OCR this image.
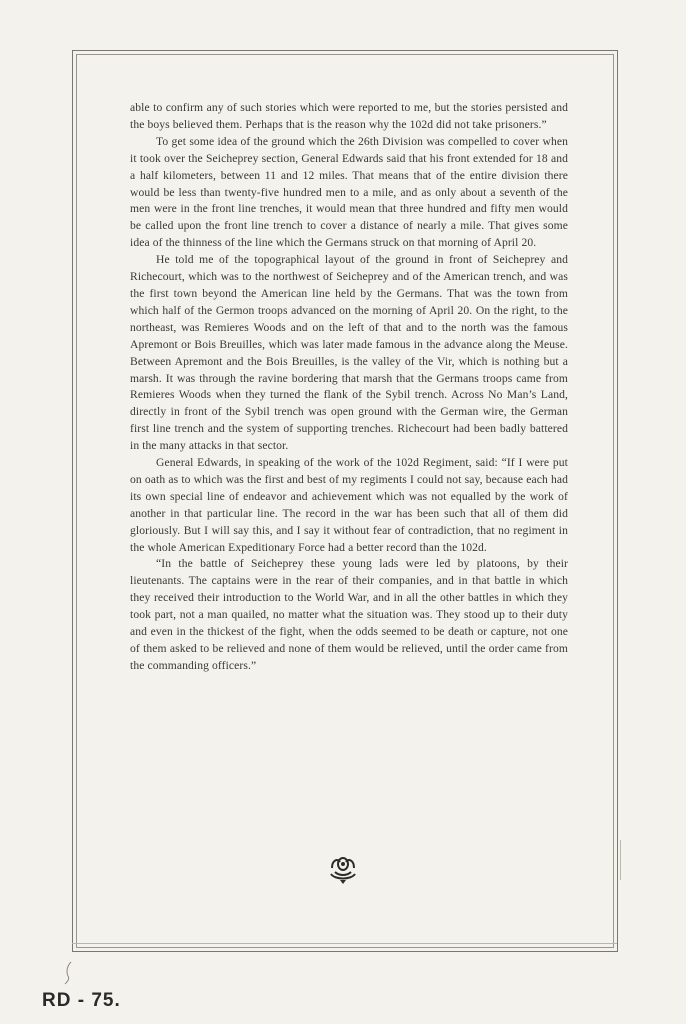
able to confirm any of such stories which were reported to me, but the stories persisted and the boys believed them. Perhaps that is the reason why the 102d did not take prisoners.”

To get some idea of the ground which the 26th Division was compelled to cover when it took over the Seicheprey section, General Edwards said that his front extended for 18 and a half kilometers, between 11 and 12 miles. That means that of the entire division there would be less than twenty-five hundred men to a mile, and as only about a seventh of the men were in the front line trenches, it would mean that three hundred and fifty men would be called upon the front line trench to cover a distance of nearly a mile. That gives some idea of the thinness of the line which the Germans struck on that morning of April 20.

He told me of the topographical layout of the ground in front of Seicheprey and Richecourt, which was to the northwest of Seicheprey and of the American trench, and was the first town beyond the American line held by the Germans. That was the town from which half of the Germon troops advanced on the morning of April 20. On the right, to the northeast, was Remieres Woods and on the left of that and to the north was the famous Apremont or Bois Breuilles, which was later made famous in the advance along the Meuse. Between Apremont and the Bois Breuilles, is the valley of the Vir, which is nothing but a marsh. It was through the ravine bordering that marsh that the Germans troops came from Remieres Woods when they turned the flank of the Sybil trench. Across No Man’s Land, directly in front of the Sybil trench was open ground with the German wire, the German first line trench and the system of supporting trenches. Richecourt had been badly battered in the many attacks in that sector.

General Edwards, in speaking of the work of the 102d Regiment, said: “If I were put on oath as to which was the first and best of my regiments I could not say, because each had its own special line of endeavor and achievement which was not equalled by the work of another in that particular line. The record in the war has been such that all of them did gloriously. But I will say this, and I say it without fear of contradiction, that no regiment in the whole American Expeditionary Force had a better record than the 102d.

“In the battle of Seicheprey these young lads were led by platoons, by their lieutenants. The captains were in the rear of their companies, and in that battle in which they received their introduction to the World War, and in all the other battles in which they took part, not a man quailed, no matter what the situation was. They stood up to their duty and even in the thickest of the fight, when the odds seemed to be death or capture, not one of them asked to be relieved and none of them would be relieved, until the order came from the commanding officers.”

RD - 75.
